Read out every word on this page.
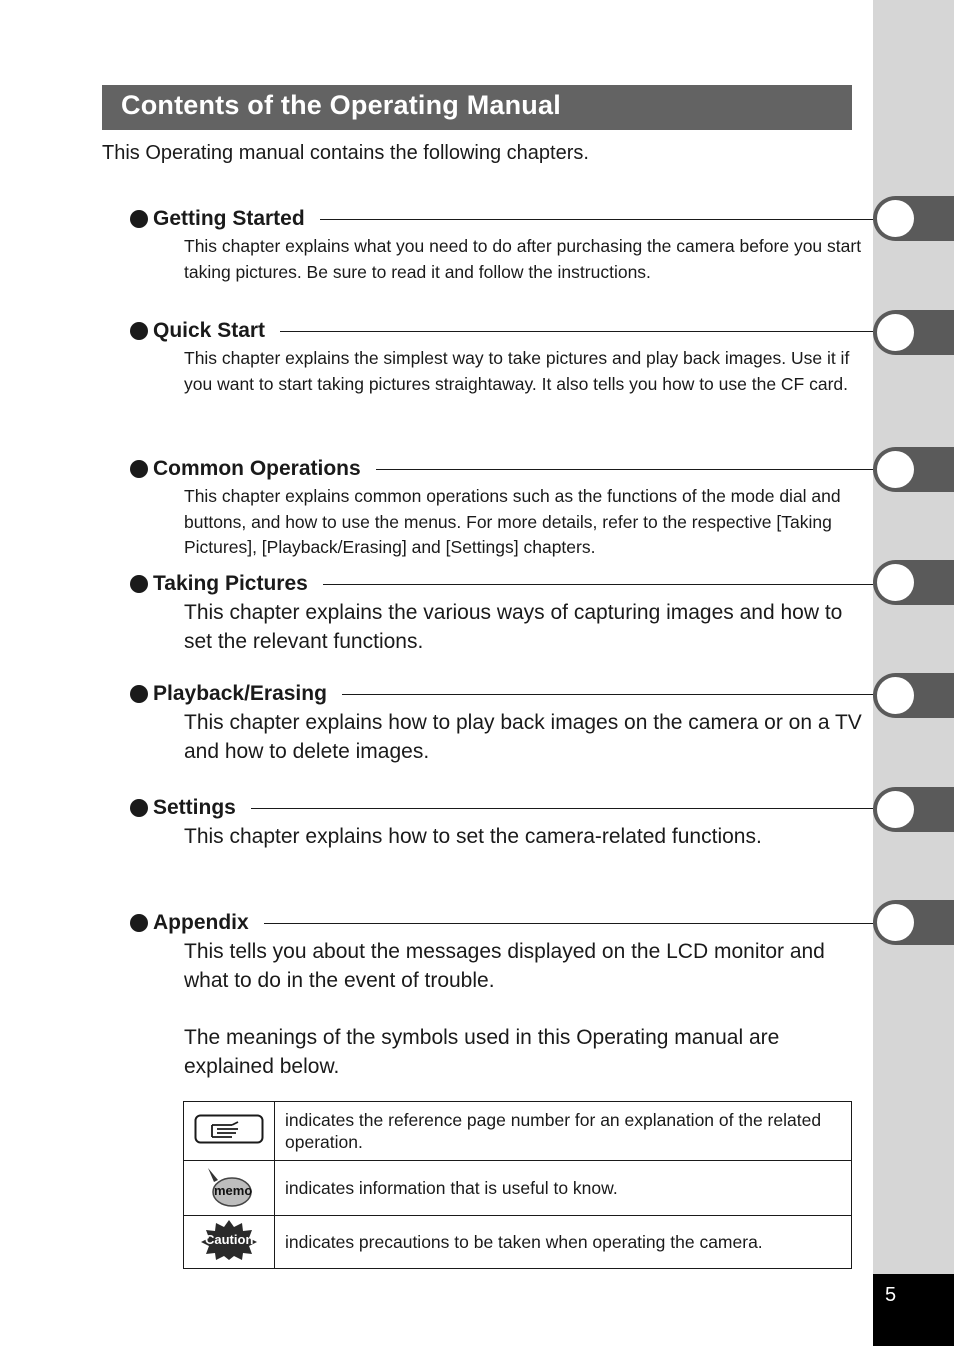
Contents of the Operating Manual
This Operating manual contains the following chapters.
Getting Started
This chapter explains what you need to do after purchasing the camera before you start taking pictures. Be sure to read it and follow the instructions.
Quick Start
This chapter explains the simplest way to take pictures and play back images. Use it if you want to start taking pictures straightaway. It also tells you how to use the CF card.
Common Operations
This chapter explains common operations such as the functions of the mode dial and buttons, and how to use the menus. For more details, refer to the respective [Taking Pictures], [Playback/Erasing] and [Settings] chapters.
Taking Pictures
This chapter explains the various ways of capturing images and how to set the relevant functions.
Playback/Erasing
This chapter explains how to play back images on the camera or on a TV and how to delete images.
Settings
This chapter explains how to set the camera-related functions.
Appendix
This tells you about the messages displayed on the LCD monitor and what to do in the event of trouble.
The meanings of the symbols used in this Operating manual are explained below.
	indicates the reference page number for an explanation of the related operation.

memo	indicates information that is useful to know.

Caution	indicates precautions to be taken when operating the camera.
5
